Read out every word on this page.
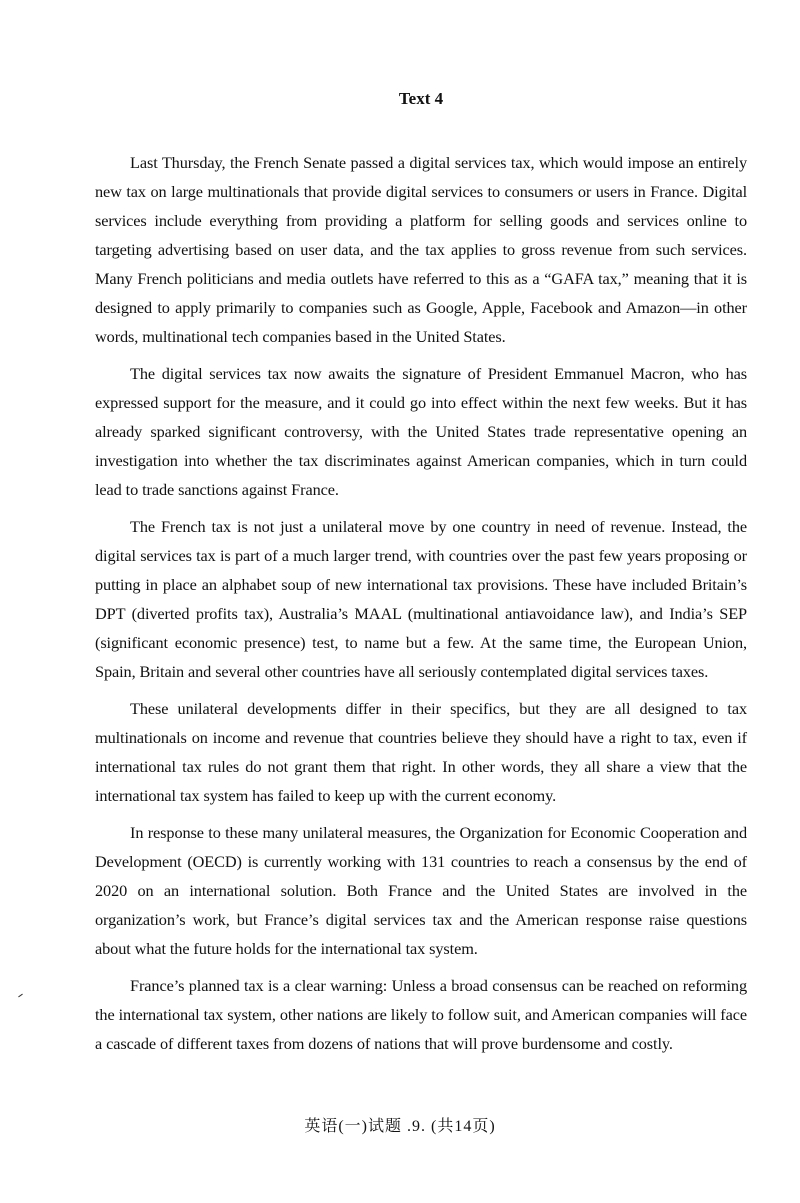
Text 4

Last Thursday, the French Senate passed a digital services tax, which would impose an entirely new tax on large multinationals that provide digital services to consumers or users in France. Digital services include everything from providing a platform for selling goods and services online to targeting advertising based on user data, and the tax applies to gross revenue from such services. Many French politicians and media outlets have referred to this as a “GAFA tax,” meaning that it is designed to apply primarily to companies such as Google, Apple, Facebook and Amazon—in other words, multinational tech companies based in the United States.

The digital services tax now awaits the signature of President Emmanuel Macron, who has expressed support for the measure, and it could go into effect within the next few weeks. But it has already sparked significant controversy, with the United States trade representative opening an investigation into whether the tax discriminates against American companies, which in turn could lead to trade sanctions against France.

The French tax is not just a unilateral move by one country in need of revenue. Instead, the digital services tax is part of a much larger trend, with countries over the past few years proposing or putting in place an alphabet soup of new international tax provisions. These have included Britain’s DPT (diverted profits tax), Australia’s MAAL (multinational antiavoidance law), and India’s SEP (significant economic presence) test, to name but a few. At the same time, the European Union, Spain, Britain and several other countries have all seriously contemplated digital services taxes.

These unilateral developments differ in their specifics, but they are all designed to tax multinationals on income and revenue that countries believe they should have a right to tax, even if international tax rules do not grant them that right. In other words, they all share a view that the international tax system has failed to keep up with the current economy.

In response to these many unilateral measures, the Organization for Economic Cooperation and Development (OECD) is currently working with 131 countries to reach a consensus by the end of 2020 on an international solution. Both France and the United States are involved in the organization’s work, but France’s digital services tax and the American response raise questions about what the future holds for the international tax system.

France’s planned tax is a clear warning: Unless a broad consensus can be reached on reforming the international tax system, other nations are likely to follow suit, and American companies will face a cascade of different taxes from dozens of nations that will prove burdensome and costly.

英语(一)试题 .9. (共14页)
